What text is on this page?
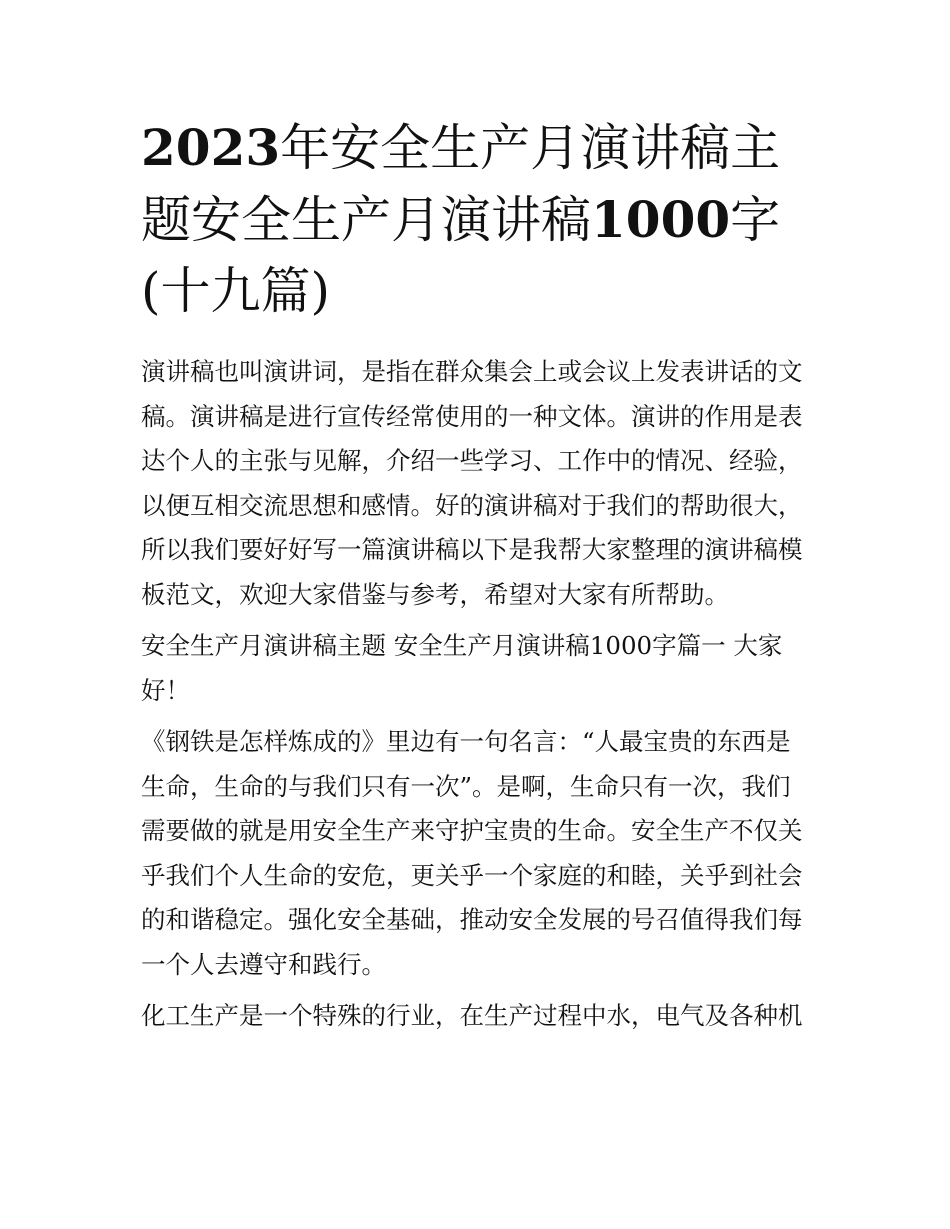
2023年安全生产月演讲稿主题安全生产月演讲稿1000字(十九篇)

演讲稿也叫演讲词，是指在群众集会上或会议上发表讲话的文稿。演讲稿是进行宣传经常使用的一种文体。演讲的作用是表达个人的主张与见解，介绍一些学习、工作中的情况、经验，以便互相交流思想和感情。好的演讲稿对于我们的帮助很大，所以我们要好好写一篇演讲稿以下是我帮大家整理的演讲稿模板范文，欢迎大家借鉴与参考，希望对大家有所帮助。

安全生产月演讲稿主题 安全生产月演讲稿1000字篇一 大家好！

《钢铁是怎样炼成的》里边有一句名言：“人最宝贵的东西是生命，生命的与我们只有一次”。是啊，生命只有一次，我们需要做的就是用安全生产来守护宝贵的生命。安全生产不仅关乎我们个人生命的安危，更关乎一个家庭的和睦，关乎到社会的和谐稳定。强化安全基础，推动安全发展的号召值得我们每一个人去遵守和践行。

化工生产是一个特殊的行业，在生产过程中水，电气及各种机
